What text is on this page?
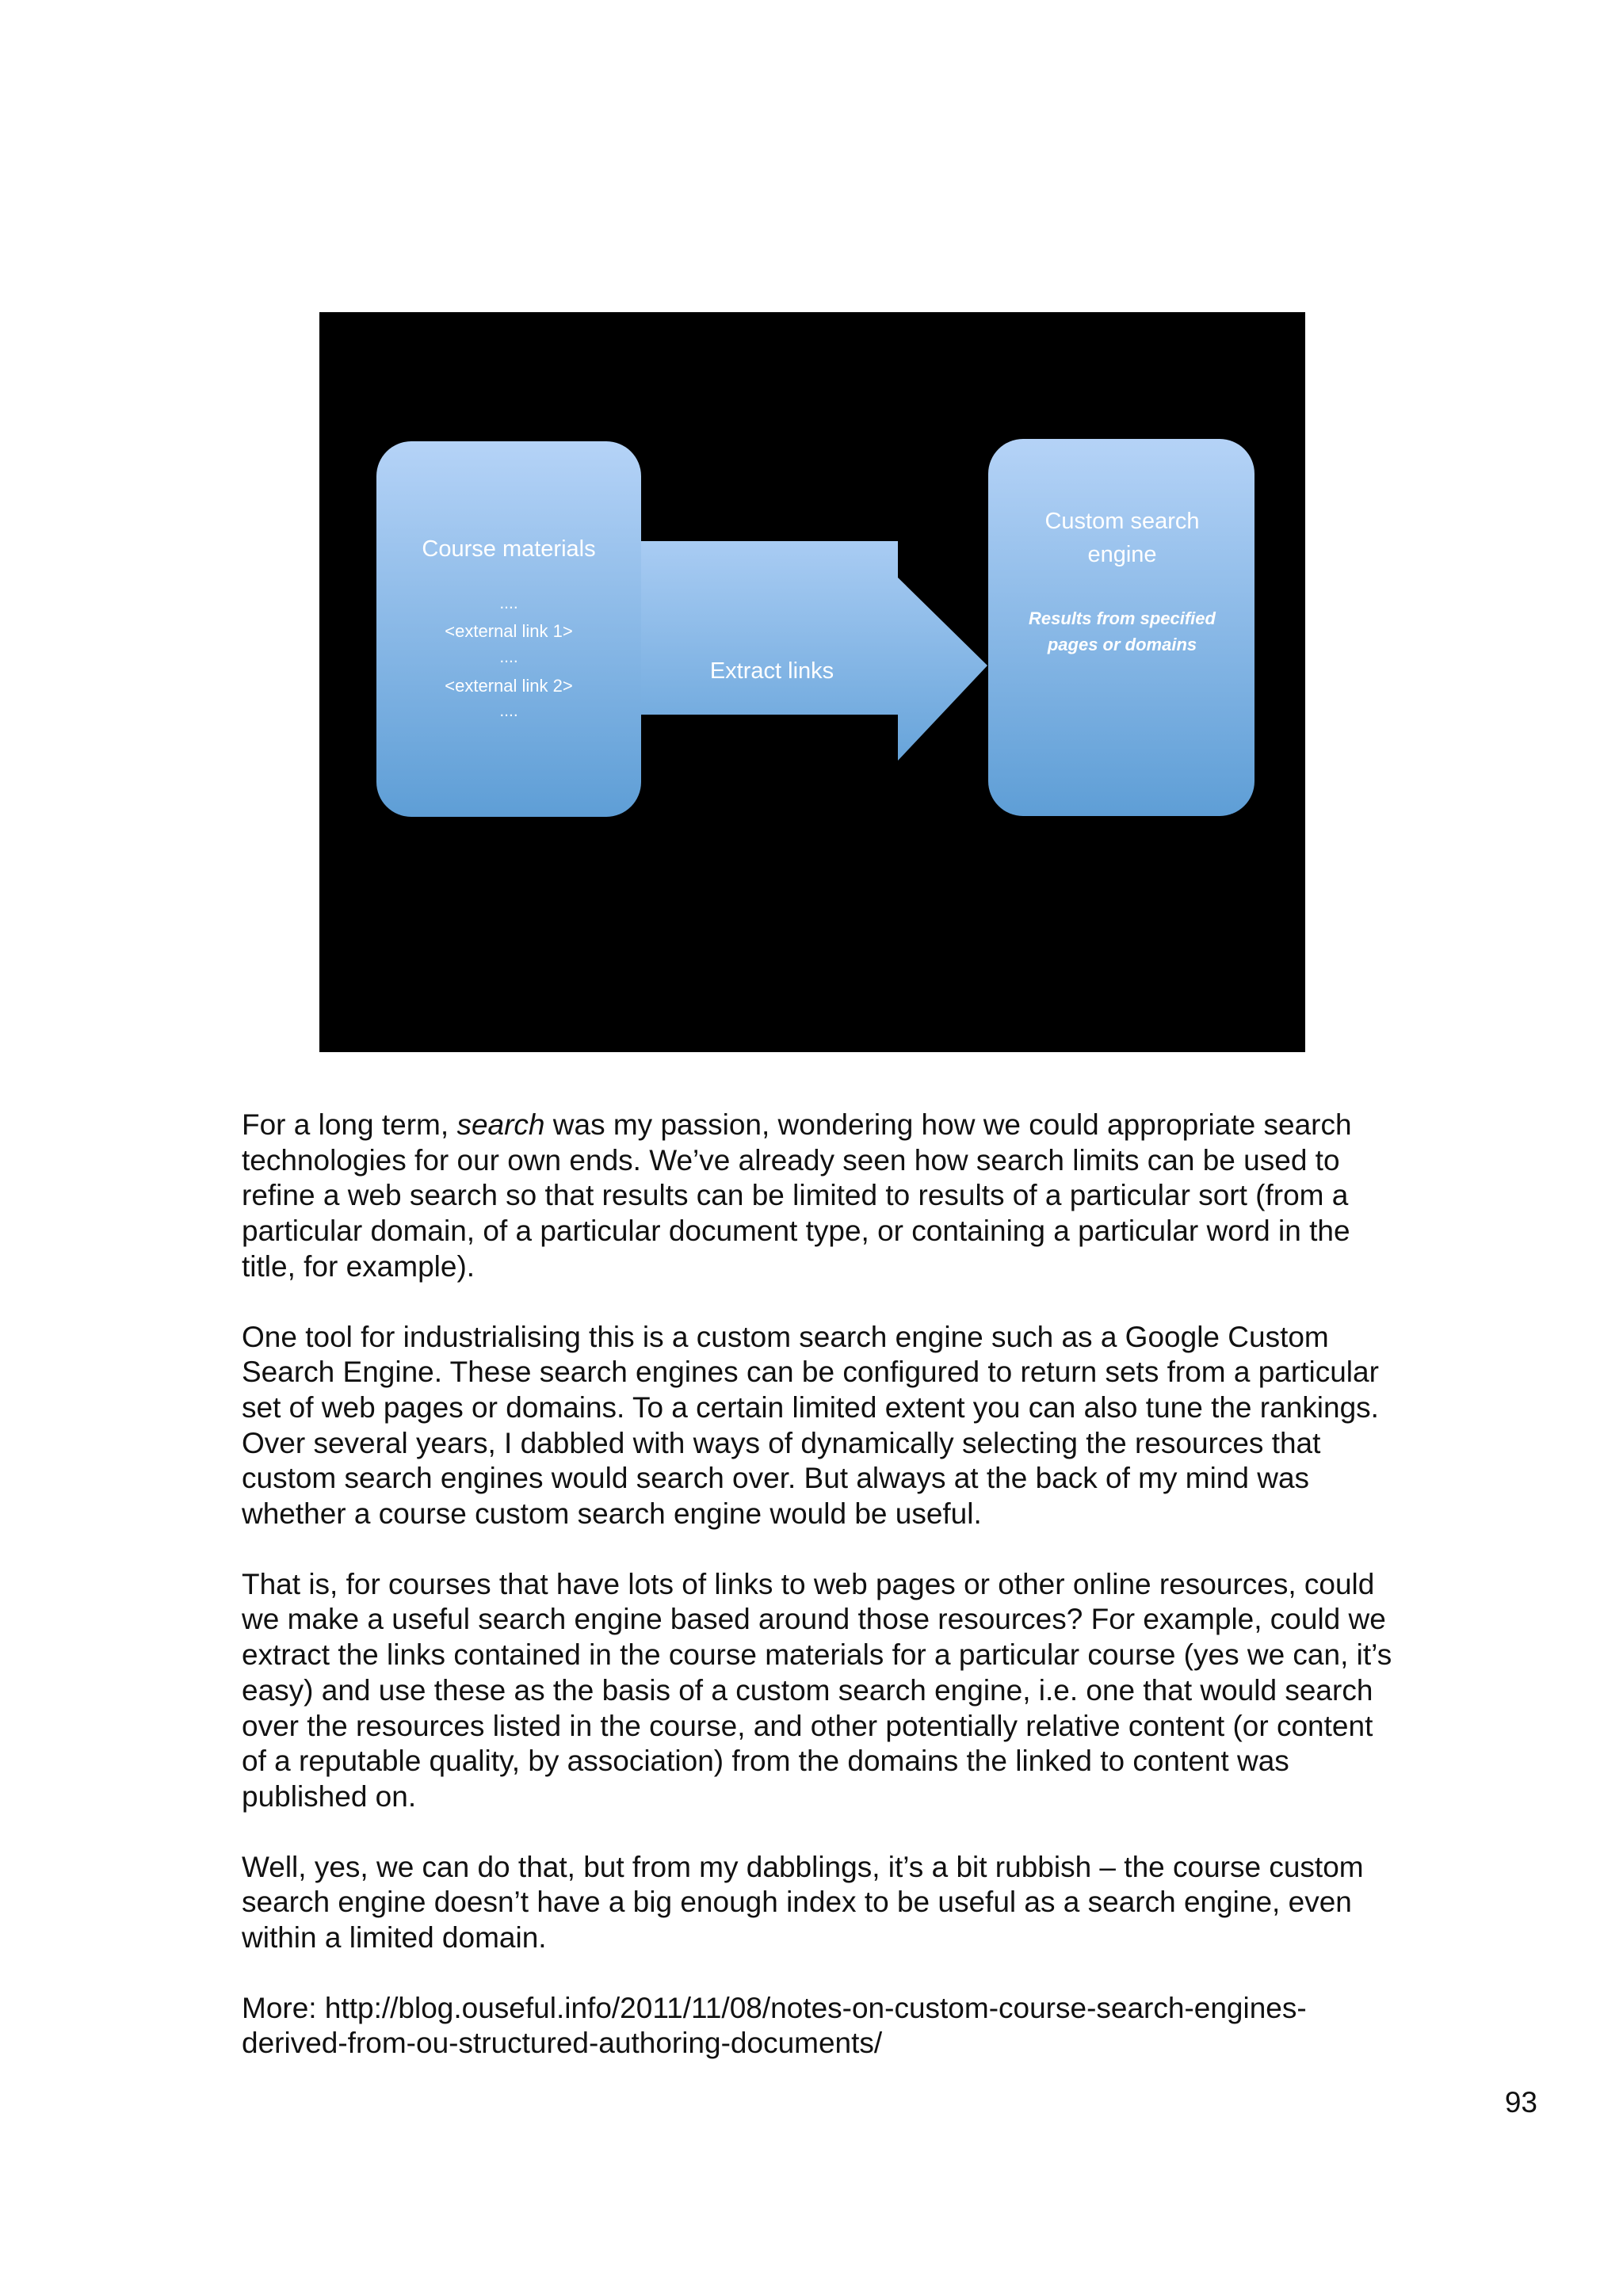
Course materials
....
<external link 1>
....
<external link 2>
....
Extract links
Custom search
engine
Results from specified
pages or domains

For a long term, search was my passion, wondering how we could appropriate search technologies for our own ends. We’ve already seen how search limits can be used to refine a web search so that results can be limited to results of a particular sort (from a particular domain, of a particular document type, or containing a particular word in the title, for example).

One tool for industrialising this is a custom search engine such as a Google Custom Search Engine. These search engines can be configured to return sets from a particular set of web pages or domains. To a certain limited extent you can also tune the rankings. Over several years, I dabbled with ways of dynamically selecting the resources that custom search engines would search over. But always at the back of my mind was whether a course custom search engine would be useful.

That is, for courses that have lots of links to web pages or other online resources, could we make a useful search engine based around those resources? For example, could we extract the links contained in the course materials for a particular course (yes we can, it’s easy) and use these as the basis of a custom search engine, i.e. one that would search over the resources listed in the course, and other potentially relative content (or content of a reputable quality, by association) from the domains the linked to content was published on.

Well, yes, we can do that, but from my dabblings, it’s a bit rubbish – the course custom search engine doesn’t have a big enough index to be useful as a search engine, even within a limited domain.

More: http://blog.ouseful.info/2011/11/08/notes-on-custom-course-search-engines-
derived-from-ou-structured-authoring-documents/

93
